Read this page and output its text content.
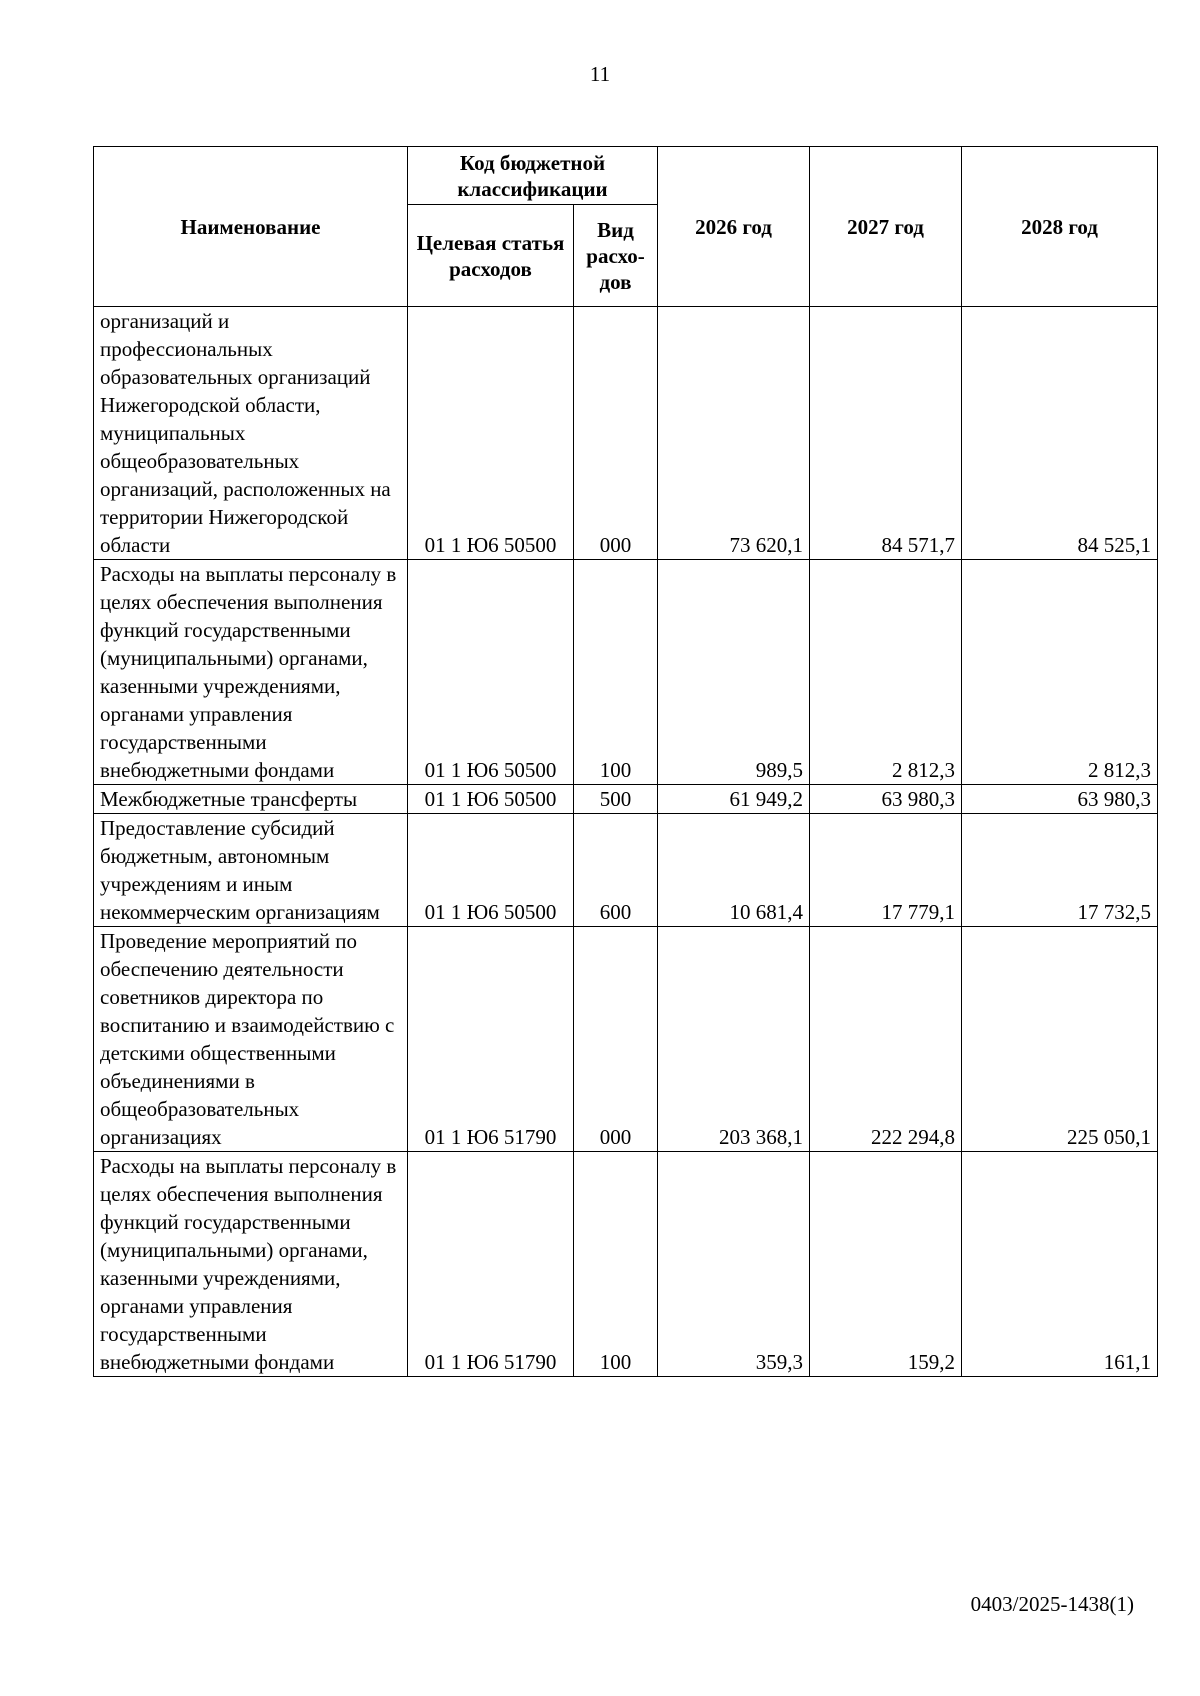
11
Наименование	Код бюджетной классификации		2026 год	2027 год	2028 год
	Целевая статья расходов	Вид расхо-дов			
организаций и профессиональных образовательных организаций Нижегородской области, муниципальных общеобразовательных организаций, расположенных на территории Нижегородской области	01 1 Ю6 50500	000	73 620,1	84 571,7	84 525,1
Расходы на выплаты персоналу в целях обеспечения выполнения функций государственными (муниципальными) органами, казенными учреждениями, органами управления государственными внебюджетными фондами	01 1 Ю6 50500	100	989,5	2 812,3	2 812,3
Межбюджетные трансферты	01 1 Ю6 50500	500	61 949,2	63 980,3	63 980,3
Предоставление субсидий бюджетным, автономным учреждениям и иным некоммерческим организациям	01 1 Ю6 50500	600	10 681,4	17 779,1	17 732,5
Проведение мероприятий по обеспечению деятельности советников директора по воспитанию и взаимодействию с детскими общественными объединениями в общеобразовательных организациях	01 1 Ю6 51790	000	203 368,1	222 294,8	225 050,1
Расходы на выплаты персоналу в целях обеспечения выполнения функций государственными (муниципальными) органами, казенными учреждениями, органами управления государственными внебюджетными фондами	01 1 Ю6 51790	100	359,3	159,2	161,1
0403/2025-1438(1)
